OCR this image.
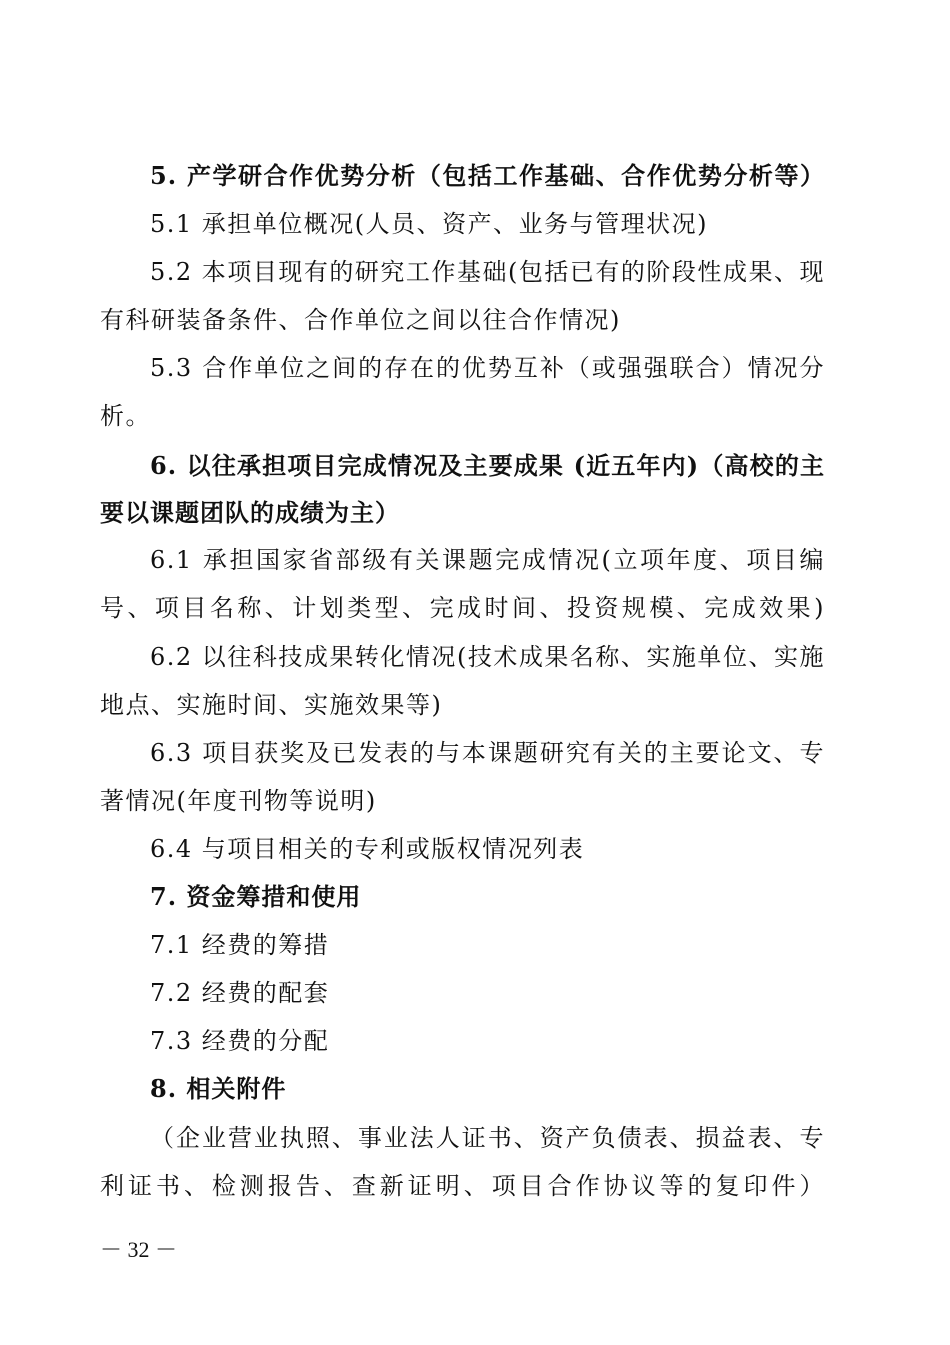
5. 产学研合作优势分析（包括工作基础、合作优势分析等）
5.1 承担单位概况(人员、资产、业务与管理状况)
5.2 本项目现有的研究工作基础(包括已有的阶段性成果、现
有科研装备条件、合作单位之间以往合作情况)
5.3 合作单位之间的存在的优势互补（或强强联合）情况分
析。
6. 以往承担项目完成情况及主要成果 (近五年内)（高校的主
要以课题团队的成绩为主）
6.1 承担国家省部级有关课题完成情况(立项年度、项目编
号、项目名称、计划类型、完成时间、投资规模、完成效果)
6.2 以往科技成果转化情况(技术成果名称、实施单位、实施
地点、实施时间、实施效果等)
6.3 项目获奖及已发表的与本课题研究有关的主要论文、专
著情况(年度刊物等说明)
6.4 与项目相关的专利或版权情况列表
7. 资金筹措和使用
7.1 经费的筹措
7.2 经费的配套
7.3 经费的分配
8. 相关附件
（企业营业执照、事业法人证书、资产负债表、损益表、专
利证书、检测报告、查新证明、项目合作协议等的复印件）
－ 32 －
